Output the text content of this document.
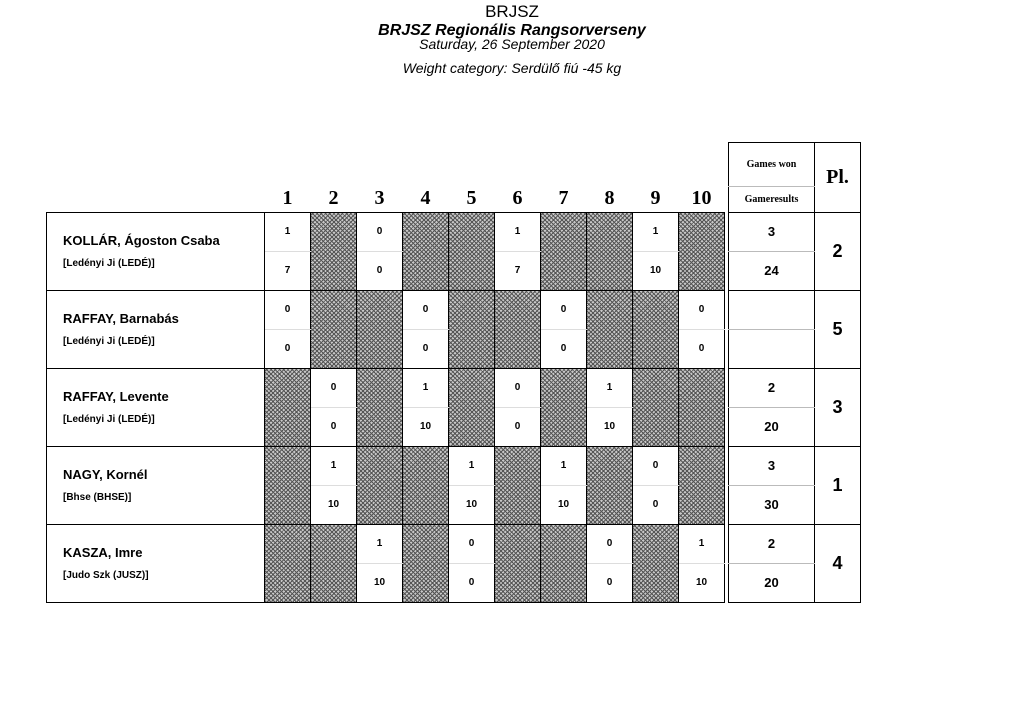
BRJSZ
BRJSZ Regionális Rangsorverseny
Saturday, 26 September 2020
Weight category: Serdülő fiú -45 kg
												Games won	Pl.
	1	2	3	4	5	6	7	8	9	10		Gameresults	

KOLLÁR, Ágoston Csaba
[Ledényi Ji (LEDÉ)]	1		0			1			1			3	2
	7		0			7			10			24	

RAFFAY, Barnabás
[Ledényi Ji (LEDÉ)]	0			0			0			0			5
	0			0			0			0			

RAFFAY, Levente
[Ledényi Ji (LEDÉ)]		0		1		0		1				2	3
		0		10		0		10				20	

NAGY, Kornél
[Bhse (BHSE)]		1			1		1		0			3	1
		10			10		10		0			30	

KASZA, Imre
[Judo Szk (JUSZ)]			1		0			0		1		2	4
			10		0			0		10		20	
